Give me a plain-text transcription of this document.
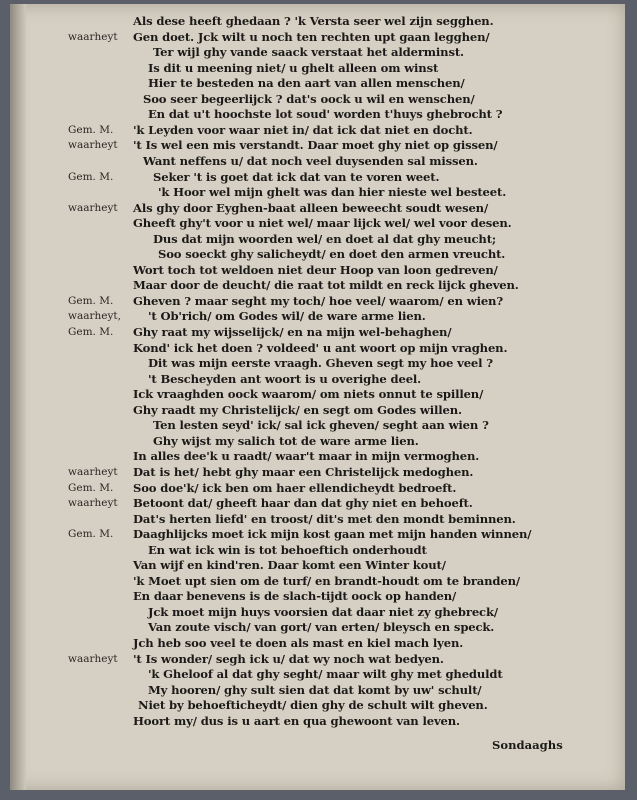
Als dese heeft ghedaan ? 'k Versta seer wel zijn segghen.
waarheyt Gen doet. Jck wilt u noch ten rechten upt gaan legghen/
Ter wijl ghy vande saack verstaat het alderminst.
Is dit u meening niet/ u ghelt alleen om winst
Hier te besteden na den aart van allen menschen/
Soo seer begeerlijck ? dat's oock u wil en wenschen/
En dat u't hoochste lot soud' worden t'huys ghebrocht ?
Gem. M. 'k Leyden voor waar niet in/ dat ick dat niet en docht.
waarheyt 't Is wel een mis verstandt. Daar moet ghy niet op gissen/
Want neffens u/ dat noch veel duysenden sal missen.
Gem. M.	Seker 't is goet dat ick dat van te voren weet.
'k Hoor wel mijn ghelt was dan hier nieste wel besteet.
waarheyt Als ghy door Eyghen-baat alleen beweecht soudt wesen/
Gheeft ghy't voor u niet wel/ maar lijck wel/ wel voor desen.
Dus dat mijn woorden wel/ en doet al dat ghy meucht;
Soo soeckt ghy salicheydt/ en doet den armen vreucht.
Wort toch tot weldoen niet deur Hoop van loon gedreven/
Maar door de deucht/ die raat tot mildt en reck lijck gheven.
Gem. M. Gheven ? maar seght my toch/ hoe veel/ waarom/ en wien?
waarheyt, 't Ob'rich/ om Godes wil/ de ware arme lien.
Gem. M. Ghy raat my wijsselijck/ en na mijn wel-behaghen/
Kond' ick het doen ? voldeed' u ant woort op mijn vraghen.
Dit was mijn eerste vraagh. Gheven segt my hoe veel ?
't Bescheyden ant woort is u overighe deel.
Ick vraaghden oock waarom/ om niets onnut te spillen/
Ghy raadt my Christelijck/ en segt om Godes willen.
Ten lesten seyd' ick/ sal ick gheven/ seght aan wien ?
Ghy wijst my salich tot de ware arme lien.
In alles dee'k u raadt/ waar't maar in mijn vermoghen.
waarheyt Dat is het/ hebt ghy maar een Christelijck medoghen.
Gem. M. Soo doe'k/ ick ben om haer ellendicheydt bedroeft.
waarheyt Betoont dat/ gheeft haar dan dat ghy niet en behoeft.
Dat's herten liefd' en troost/ dit's met den mondt beminnen.
Gem. M. Daaghlijcks moet ick mijn kost gaan met mijn handen winnen/
En wat ick win is tot behoeftich onderhoudt
Van wijf en kind'ren. Daar komt een Winter kout/
'k Moet upt sien om de turf/ en brandt-houdt om te branden/
En daar benevens is de slach-tijdt oock op handen/
Jck moet mijn huys voorsien dat daar niet zy ghebreck/
Van zoute visch/ van gort/ van erten/ bleysch en speck.
Jch heb soo veel te doen als mast en kiel mach lyen.
waarheyt 't Is wonder/ segh ick u/ dat wy noch wat bedyen.
'k Gheloof al dat ghy seght/ maar wilt ghy met gheduldt
My hooren/ ghy sult sien dat dat komt by uw' schult/
Niet by behoefticheydt/ dien ghy de schult wilt gheven.
Hoort my/ dus is u aart en qua ghewoont van leven.
Sondaaghs
